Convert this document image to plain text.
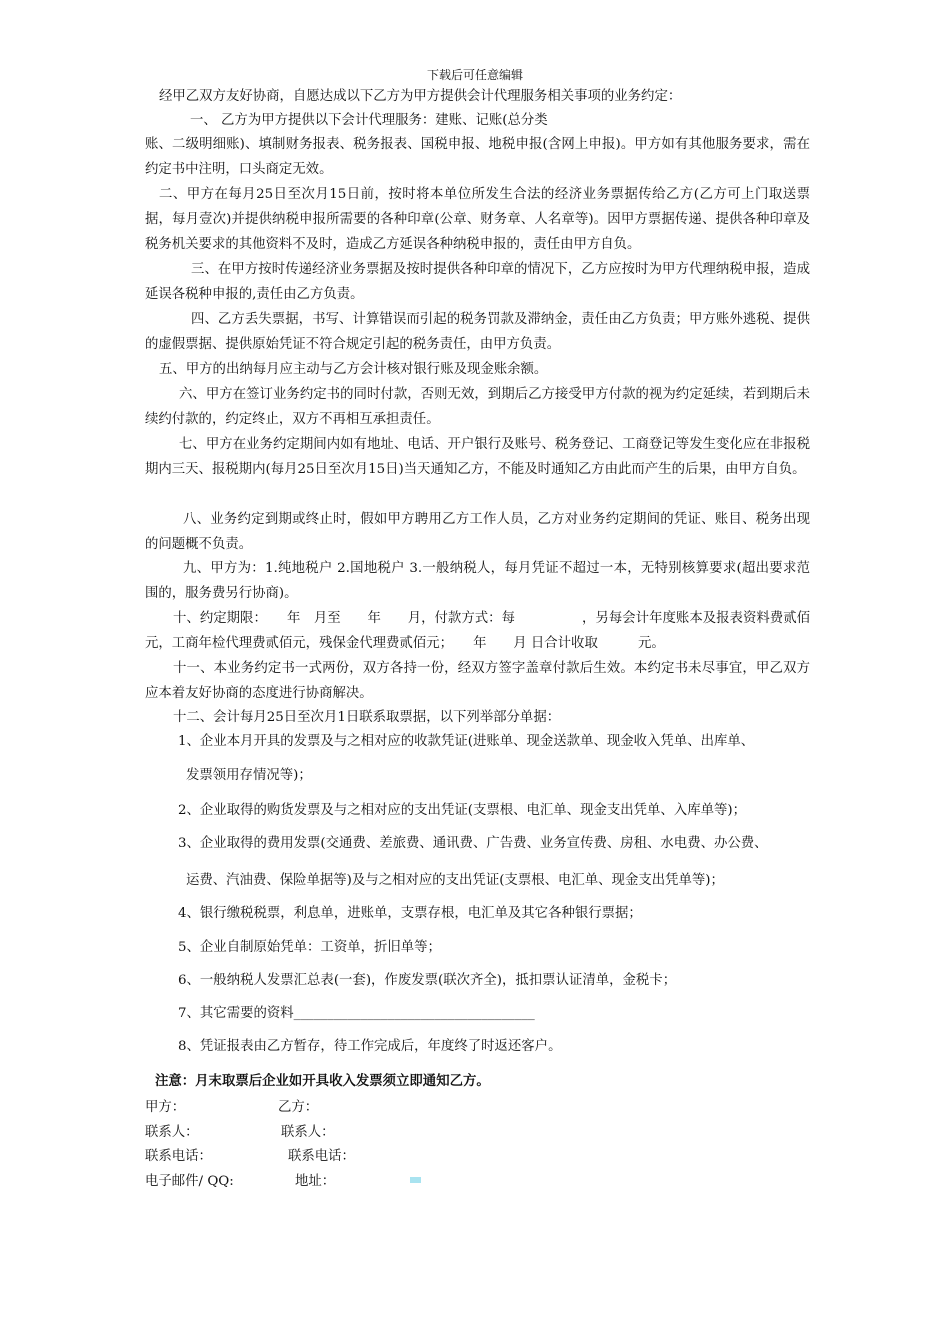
下载后可任意编辑
经甲乙双方友好协商，自愿达成以下乙方为甲方提供会计代理服务相关事项的业务约定：
一、 乙方为甲方提供以下会计代理服务：建账、记账(总分类
账、二级明细账)、填制财务报表、税务报表、国税申报、地税申报(含网上申报)。甲方如有其他服务要求，需在约定书中注明，口头商定无效。
二、甲方在每月25日至次月15日前，按时将本单位所发生合法的经济业务票据传给乙方(乙方可上门取送票据，每月壹次)并提供纳税申报所需要的各种印章(公章、财务章、人名章等)。因甲方票据传递、提供各种印章及税务机关要求的其他资料不及时，造成乙方延误各种纳税申报的，责任由甲方自负。
三、在甲方按时传递经济业务票据及按时提供各种印章的情况下，乙方应按时为甲方代理纳税申报，造成延误各税种申报的,责任由乙方负责。
四、乙方丢失票据，书写、计算错误而引起的税务罚款及滞纳金，责任由乙方负责；甲方账外逃税、提供的虚假票据、提供原始凭证不符合规定引起的税务责任，由甲方负责。
五、甲方的出纳每月应主动与乙方会计核对银行账及现金账余额。
六、甲方在签订业务约定书的同时付款，否则无效，到期后乙方接受甲方付款的视为约定延续，若到期后未续约付款的，约定终止，双方不再相互承担责任。
七、甲方在业务约定期间内如有地址、电话、开户银行及账号、税务登记、工商登记等发生变化应在非报税期内三天、报税期内(每月25日至次月15日)当天通知乙方，不能及时通知乙方由此而产生的后果，由甲方自负。
八、业务约定到期或终止时，假如甲方聘用乙方工作人员，乙方对业务约定期间的凭证、账目、税务出现的问题概不负责。
九、甲方为：1.纯地税户 2.国地税户 3.一般纳税人，每月凭证不超过一本，无特别核算要求(超出要求范围的，服务费另行协商)。
十、约定期限：　　年　月至　　年　　月，付款方式：每　　　　　，另每会计年度账本及报表资料费贰佰元，工商年检代理费贰佰元，残保金代理费贰佰元；　　年　　月 日合计收取　　　元。
十一、本业务约定书一式两份，双方各持一份，经双方签字盖章付款后生效。本约定书未尽事宜，甲乙双方应本着友好协商的态度进行协商解决。
十二、会计每月25日至次月1日联系取票据，以下列举部分单据：
1、企业本月开具的发票及与之相对应的收款凭证(进账单、现金送款单、现金收入凭单、出库单、
发票领用存情况等)；
2、企业取得的购货发票及与之相对应的支出凭证(支票根、电汇单、现金支出凭单、入库单等)；
3、企业取得的费用发票(交通费、差旅费、通讯费、广告费、业务宣传费、房租、水电费、办公费、
运费、汽油费、保险单据等)及与之相对应的支出凭证(支票根、电汇单、现金支出凭单等)；
4、银行缴税税票，利息单，进账单，支票存根，电汇单及其它各种银行票据；
5、企业自制原始凭单：工资单，折旧单等；
6、一般纳税人发票汇总表(一套)，作废发票(联次齐全)，抵扣票认证清单，金税卡；
7、其它需要的资料____________________________________
8、凭证报表由乙方暂存，待工作完成后，年度终了时返还客户。
注意：月末取票后企业如开具收入发票须立即通知乙方。
甲方：	乙方：
联系人：	联系人：
联系电话：	联系电话：
电子邮件/ QQ:	地址：
